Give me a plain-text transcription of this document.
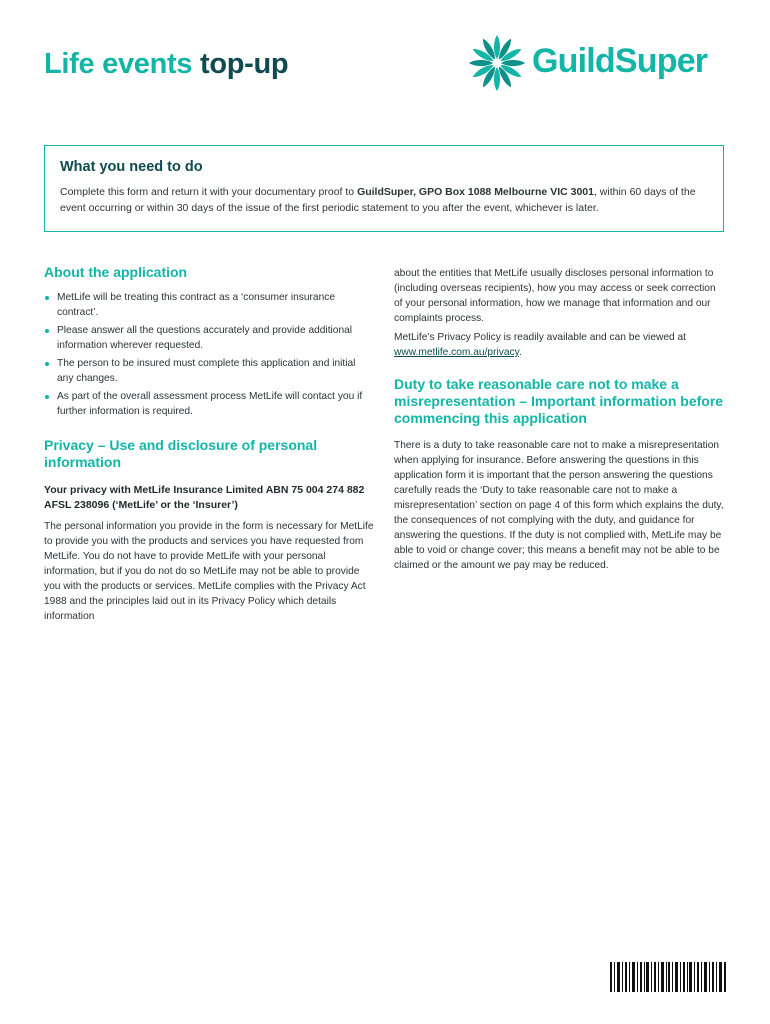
Life events top-up	GuildSuper
What you need to do

Complete this form and return it with your documentary proof to GuildSuper, GPO Box 1088 Melbourne VIC 3001, within 60 days of the event occurring or within 30 days of the issue of the first periodic statement to you after the event, whichever is later.

About the application
MetLife will be treating this contract as a ‘consumer insurance contract’.
Please answer all the questions accurately and provide additional information wherever requested.
The person to be insured must complete this application and initial any changes.
As part of the overall assessment process MetLife will contact you if further information is required.
Privacy – Use and disclosure of personal information

Your privacy with MetLife Insurance Limited ABN 75 004 274 882 AFSL 238096 (‘MetLife’ or the ‘Insurer’)

The personal information you provide in the form is necessary for MetLife to provide you with the products and services you have requested from MetLife. You do not have to provide MetLife with your personal information, but if you do not do so MetLife may not be able to provide you with the products or services. MetLife complies with the Privacy Act 1988 and the principles laid out in its Privacy Policy which details information

about the entities that MetLife usually discloses personal information to (including overseas recipients), how you may access or seek correction of your personal information, how we manage that information and our complaints process.

MetLife’s Privacy Policy is readily available and can be viewed at www.metlife.com.au/privacy.

Duty to take reasonable care not to make a misrepresentation – Important information before commencing this application

There is a duty to take reasonable care not to make a misrepresentation when applying for insurance. Before answering the questions in this application form it is important that the person answering the questions carefully reads the ‘Duty to take reasonable care not to make a misrepresentation’ section on page 4 of this form which explains the duty, the consequences of not complying with the duty, and guidance for answering the questions. If the duty is not complied with, MetLife may be able to void or change cover; this means a benefit may not be able to be claimed or the amount we pay may be reduced.
